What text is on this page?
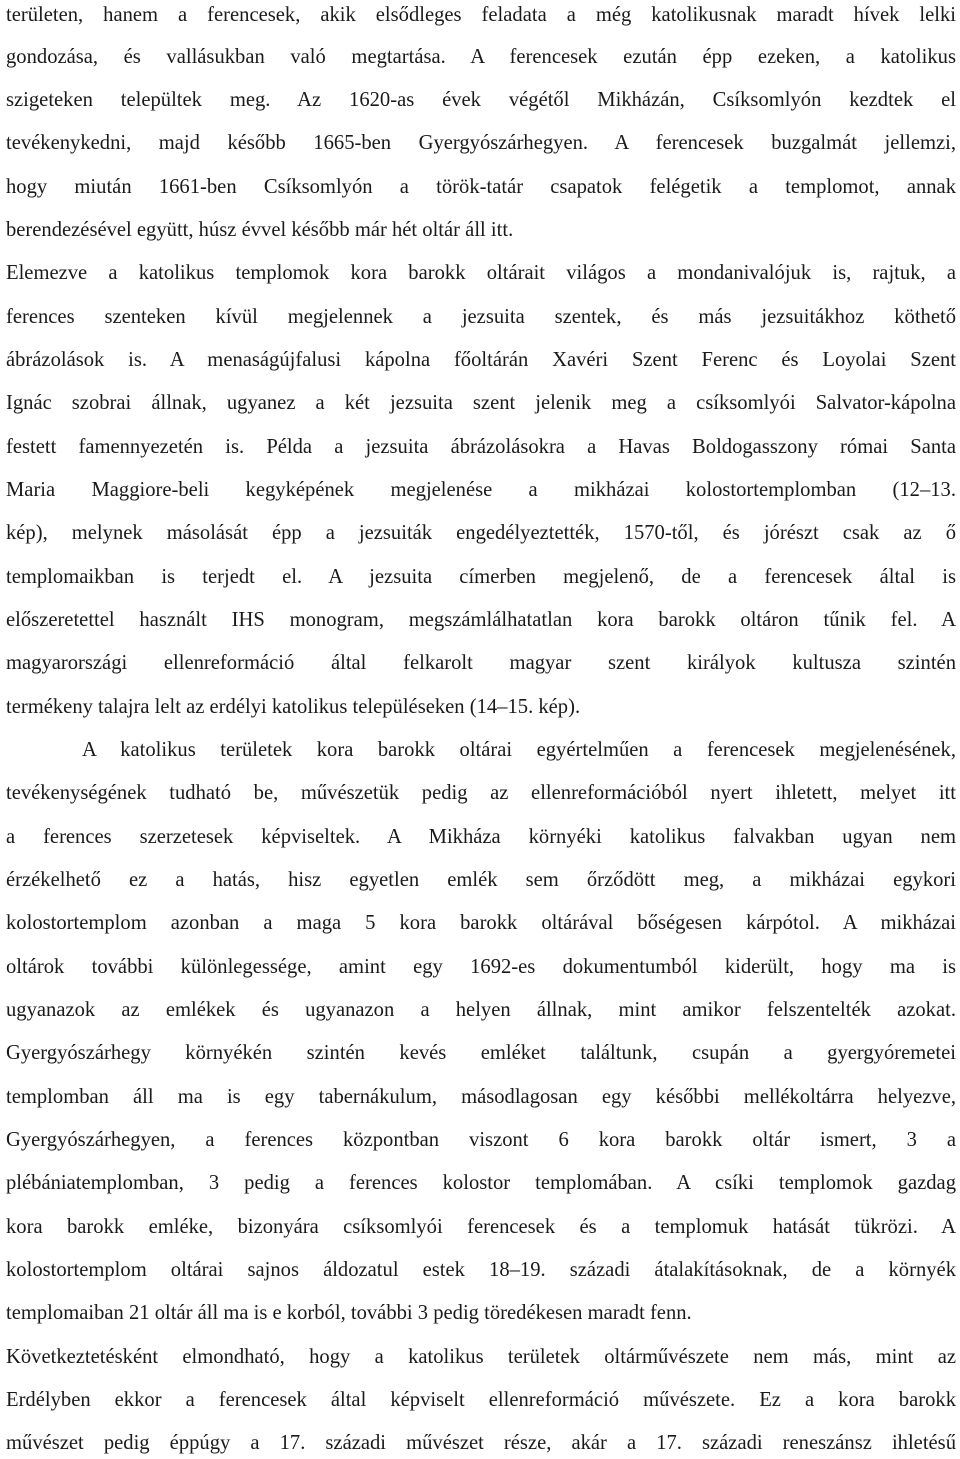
területen, hanem a ferencesek, akik elsődleges feladata a még katolikusnak maradt hívek lelki
gondozása, és vallásukban való megtartása. A ferencesek ezután épp ezeken, a katolikus
szigeteken települtek meg. Az 1620-as évek végétől Mikházán, Csíksomlyón kezdtek el
tevékenykedni, majd később 1665-ben Gyergyószárhegyen. A ferencesek buzgalmát jellemzi,
hogy miután 1661-ben Csíksomlyón a török-tatár csapatok felégetik a templomot, annak
berendezésével együtt, húsz évvel később már hét oltár áll itt.
Elemezve a katolikus templomok kora barokk oltárait világos a mondanivalójuk is, rajtuk, a
ferences szenteken kívül megjelennek a jezsuita szentek, és más jezsuitákhoz köthető
ábrázolások is. A menaságújfalusi kápolna főoltárán Xavéri Szent Ferenc és Loyolai Szent
Ignác szobrai állnak, ugyanez a két jezsuita szent jelenik meg a csíksomlyói Salvator-kápolna
festett famennyezetén is. Példa a jezsuita ábrázolásokra a Havas Boldogasszony római Santa
Maria Maggiore-beli kegyképének megjelenése a mikházai kolostortemplomban (12–13.
kép), melynek másolását épp a jezsuiták engedélyeztették, 1570-től, és jórészt csak az ő
templomaikban is terjedt el. A jezsuita címerben megjelenő, de a ferencesek által is
előszeretettel használt IHS monogram, megszámlálhatatlan kora barokk oltáron tűnik fel. A
magyarországi ellenreformáció által felkarolt magyar szent királyok kultusza szintén
termékeny talajra lelt az erdélyi katolikus településeken (14–15. kép).
A katolikus területek kora barokk oltárai egyértelműen a ferencesek megjelenésének,
tevékenységének tudható be, művészetük pedig az ellenreformációból nyert ihletett, melyet itt
a ferences szerzetesek képviseltek. A Mikháza környéki katolikus falvakban ugyan nem
érzékelhető ez a hatás, hisz egyetlen emlék sem őrződött meg, a mikházai egykori
kolostortemplom azonban a maga 5 kora barokk oltárával bőségesen kárpótol. A mikházai
oltárok további különlegessége, amint egy 1692-es dokumentumból kiderült, hogy ma is
ugyanazok az emlékek és ugyanazon a helyen állnak, mint amikor felszentelték azokat.
Gyergyószárhegy környékén szintén kevés emléket találtunk, csupán a gyergyóremetei
templomban áll ma is egy tabernákulum, másodlagosan egy későbbi mellékoltárra helyezve,
Gyergyószárhegyen, a ferences központban viszont 6 kora barokk oltár ismert, 3 a
plébániatemplomban, 3 pedig a ferences kolostor templomában. A csíki templomok gazdag
kora barokk emléke, bizonyára csíksomlyói ferencesek és a templomuk hatását tükrözi. A
kolostortemplom oltárai sajnos áldozatul estek 18–19. századi átalakításoknak, de a környék
templomaiban 21 oltár áll ma is e korból, további 3 pedig töredékesen maradt fenn.
Következtetésként elmondható, hogy a katolikus területek oltárművészete nem más, mint az
Erdélyben ekkor a ferencesek által képviselt ellenreformáció művészete. Ez a kora barokk
művészet pedig éppúgy a 17. századi művészet része, akár a 17. századi reneszánsz ihletésű
